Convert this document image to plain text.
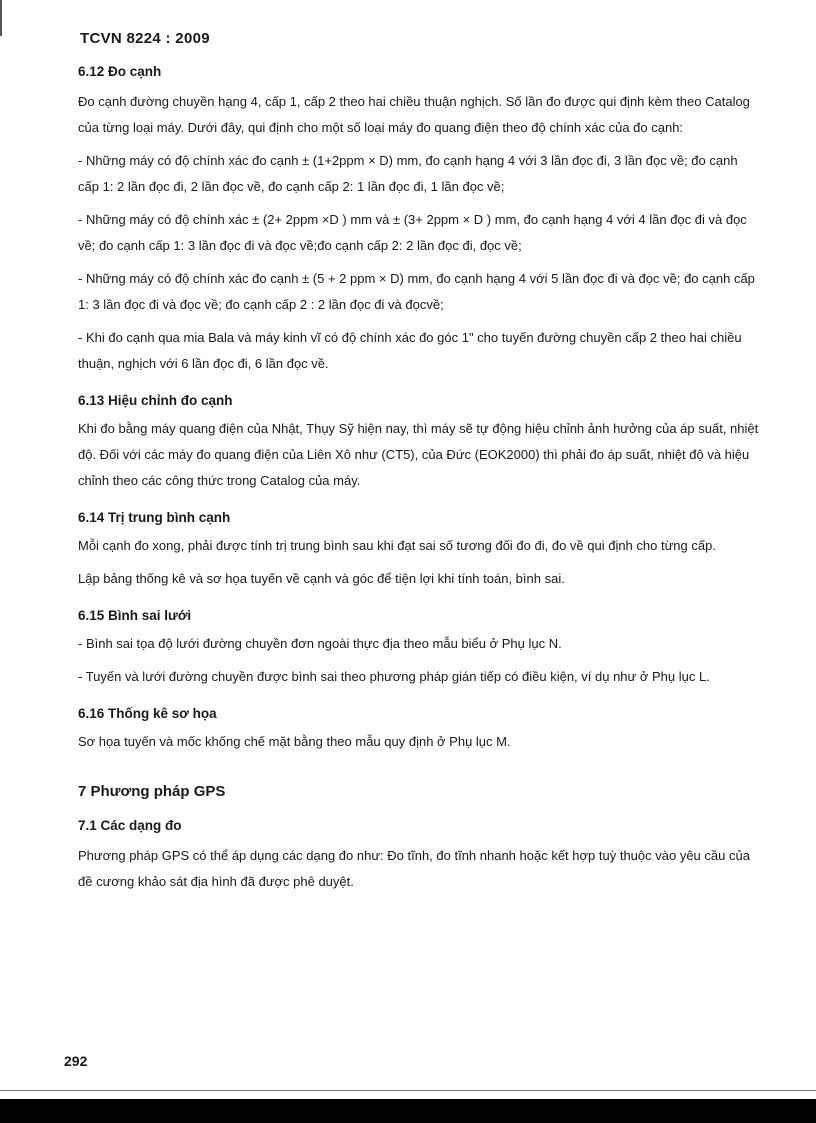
TCVN 8224 : 2009
6.12 Đo cạnh

Đo cạnh đường chuyền hạng 4, cấp 1, cấp 2 theo hai chiều thuận nghịch. Số lần đo được qui định kèm theo Catalog của từng loại máy. Dưới đây, qui định cho một số loại máy đo quang điện theo độ chính xác của đo cạnh:

- Những máy có độ chính xác đo cạnh ± (1+2ppm × D) mm, đo cạnh hạng 4 với 3 lần đọc đi, 3 lần đọc về; đo cạnh cấp 1: 2 lần đọc đi, 2 lần đọc về, đo cạnh cấp 2: 1 lần đọc đi, 1 lần đọc về;

- Những máy có độ chính xác ± (2+ 2ppm ×D ) mm và ± (3+ 2ppm × D ) mm, đo cạnh hạng 4 với 4 lần đọc đi và đọc về; đo cạnh cấp 1: 3 lần đọc đi và đọc về;đo cạnh cấp 2: 2 lần đọc đi, đọc về;

- Những máy có độ chính xác đo cạnh ± (5 + 2 ppm × D) mm, đo cạnh hạng 4 với 5 lần đọc đi và đọc về; đo cạnh cấp 1: 3 lần đọc đi và đọc về; đo cạnh cấp 2 : 2 lần đọc đi và đọcvề;

- Khi đo cạnh qua mia Bala và máy kinh vĩ có độ chính xác đo góc 1" cho tuyến đường chuyền cấp 2 theo hai chiều thuận, nghịch với 6 lần đọc đi, 6 lần đọc về.

6.13 Hiệu chỉnh đo cạnh

Khi đo bằng máy quang điện của Nhật, Thụy Sỹ hiện nay, thì máy sẽ tự động hiệu chỉnh ảnh hưởng của áp suất, nhiệt độ. Đối với các máy đo quang điện của Liên Xô như (CT5), của Đức (EOK2000) thì phải đo áp suất, nhiệt độ và hiệu chỉnh theo các công thức trong Catalog của máy.

6.14 Trị trung bình cạnh

Mỗi cạnh đo xong, phải được tính trị trung bình sau khi đạt sai số tương đối đo đi, đo về qui định cho từng cấp.

Lập bảng thống kê và sơ họa tuyến về cạnh và góc để tiện lợi khi tính toán, bình sai.

6.15 Bình sai lưới

- Bình sai tọa độ lưới đường chuyền đơn ngoài thực địa theo mẫu biểu ở Phụ lục N.

- Tuyến và lưới đường chuyền được bình sai theo phương pháp gián tiếp có điều kiện, ví dụ như ở Phụ lục L.

6.16 Thống kê sơ họa

Sơ họa tuyến và mốc khống chế mặt bằng theo mẫu quy định ở Phụ lục M.

7 Phương pháp GPS
7.1 Các dạng đo

Phương pháp GPS có thể áp dụng các dạng đo như: Đo tĩnh, đo tĩnh nhanh hoặc kết hợp tuỳ thuộc vào yêu cầu của đề cương khảo sát địa hình đã được phê duyệt.

292
